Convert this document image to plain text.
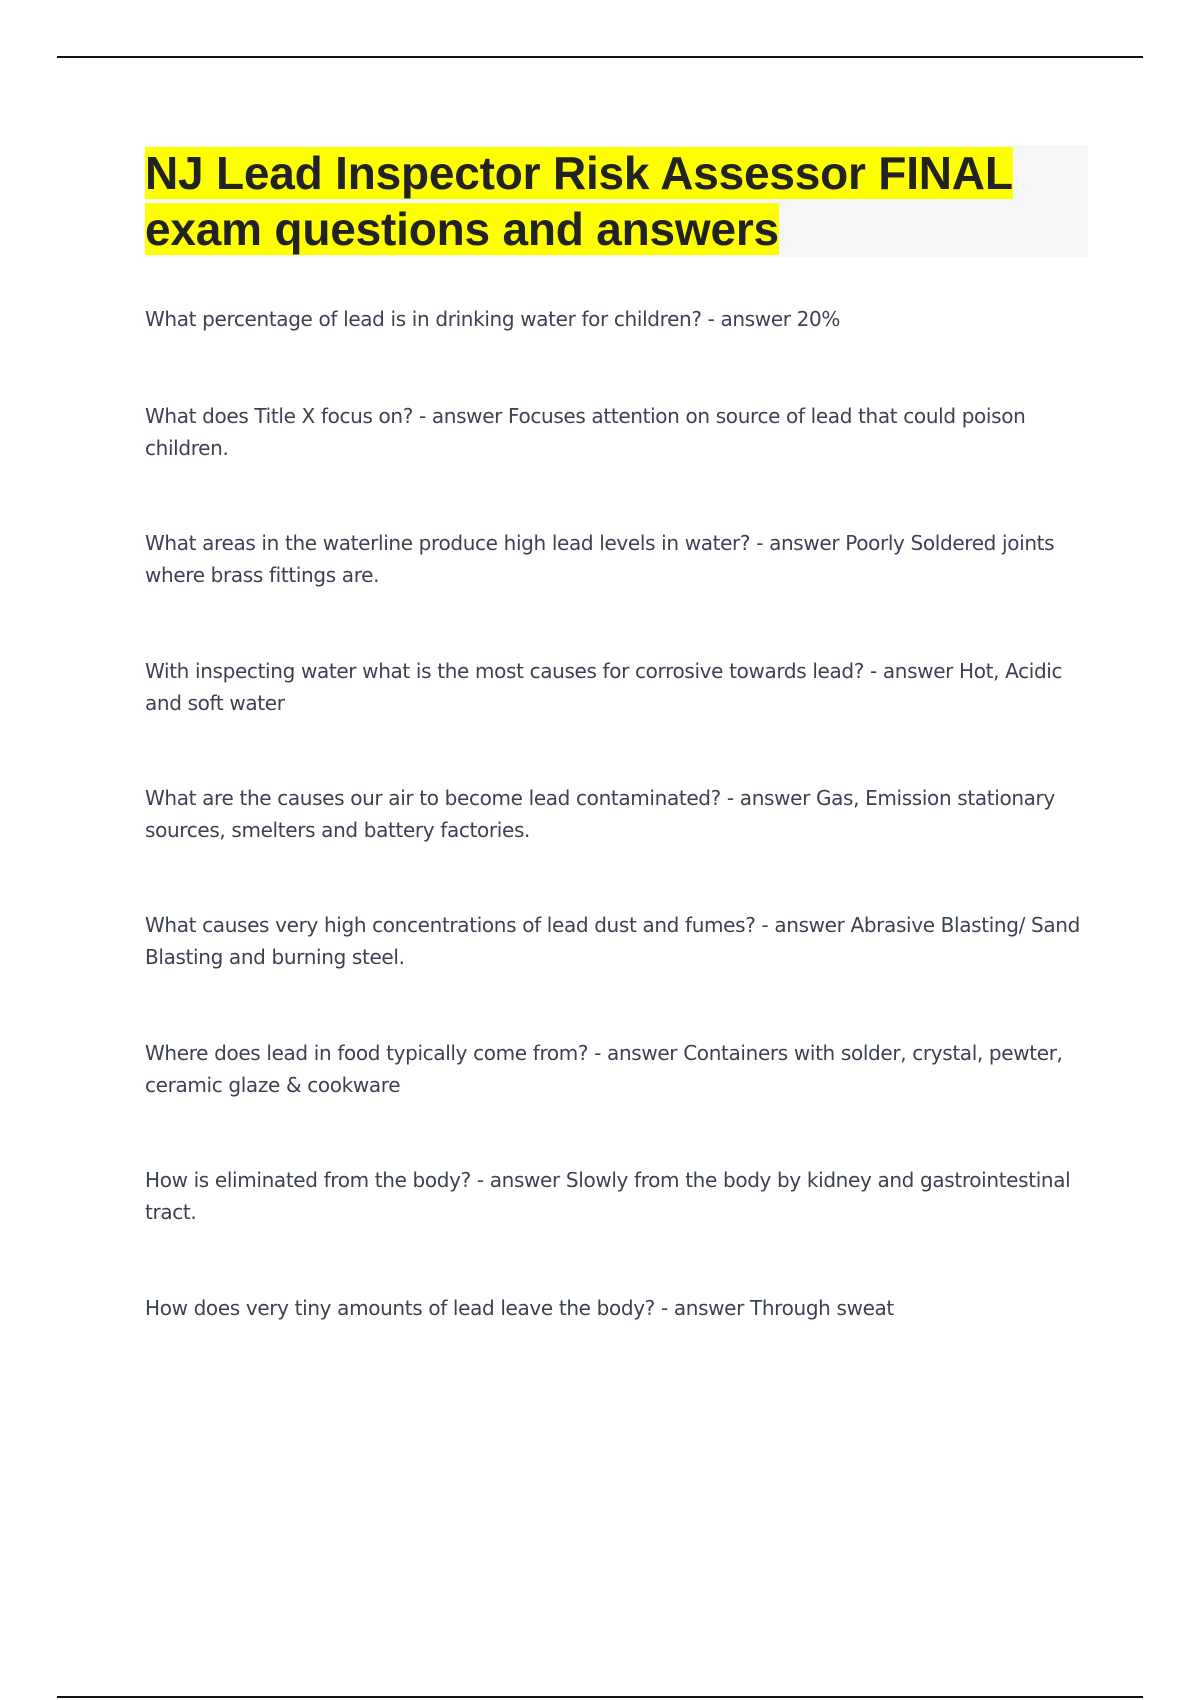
NJ Lead Inspector Risk Assessor FINAL exam questions and answers

What percentage of lead is in drinking water for children? - answer 20%

What does Title X focus on? - answer Focuses attention on source of lead that could poison children.

What areas in the waterline produce high lead levels in water? - answer Poorly Soldered joints where brass fittings are.

With inspecting water what is the most causes for corrosive towards lead? - answer Hot, Acidic and soft water

What are the causes our air to become lead contaminated? - answer Gas, Emission stationary sources, smelters and battery factories.

What causes very high concentrations of lead dust and fumes? - answer Abrasive Blasting/ Sand Blasting and burning steel.

Where does lead in food typically come from? - answer Containers with solder, crystal, pewter, ceramic glaze & cookware

How is eliminated from the body? - answer Slowly from the body by kidney and gastrointestinal tract.

How does very tiny amounts of lead leave the body? - answer Through sweat
